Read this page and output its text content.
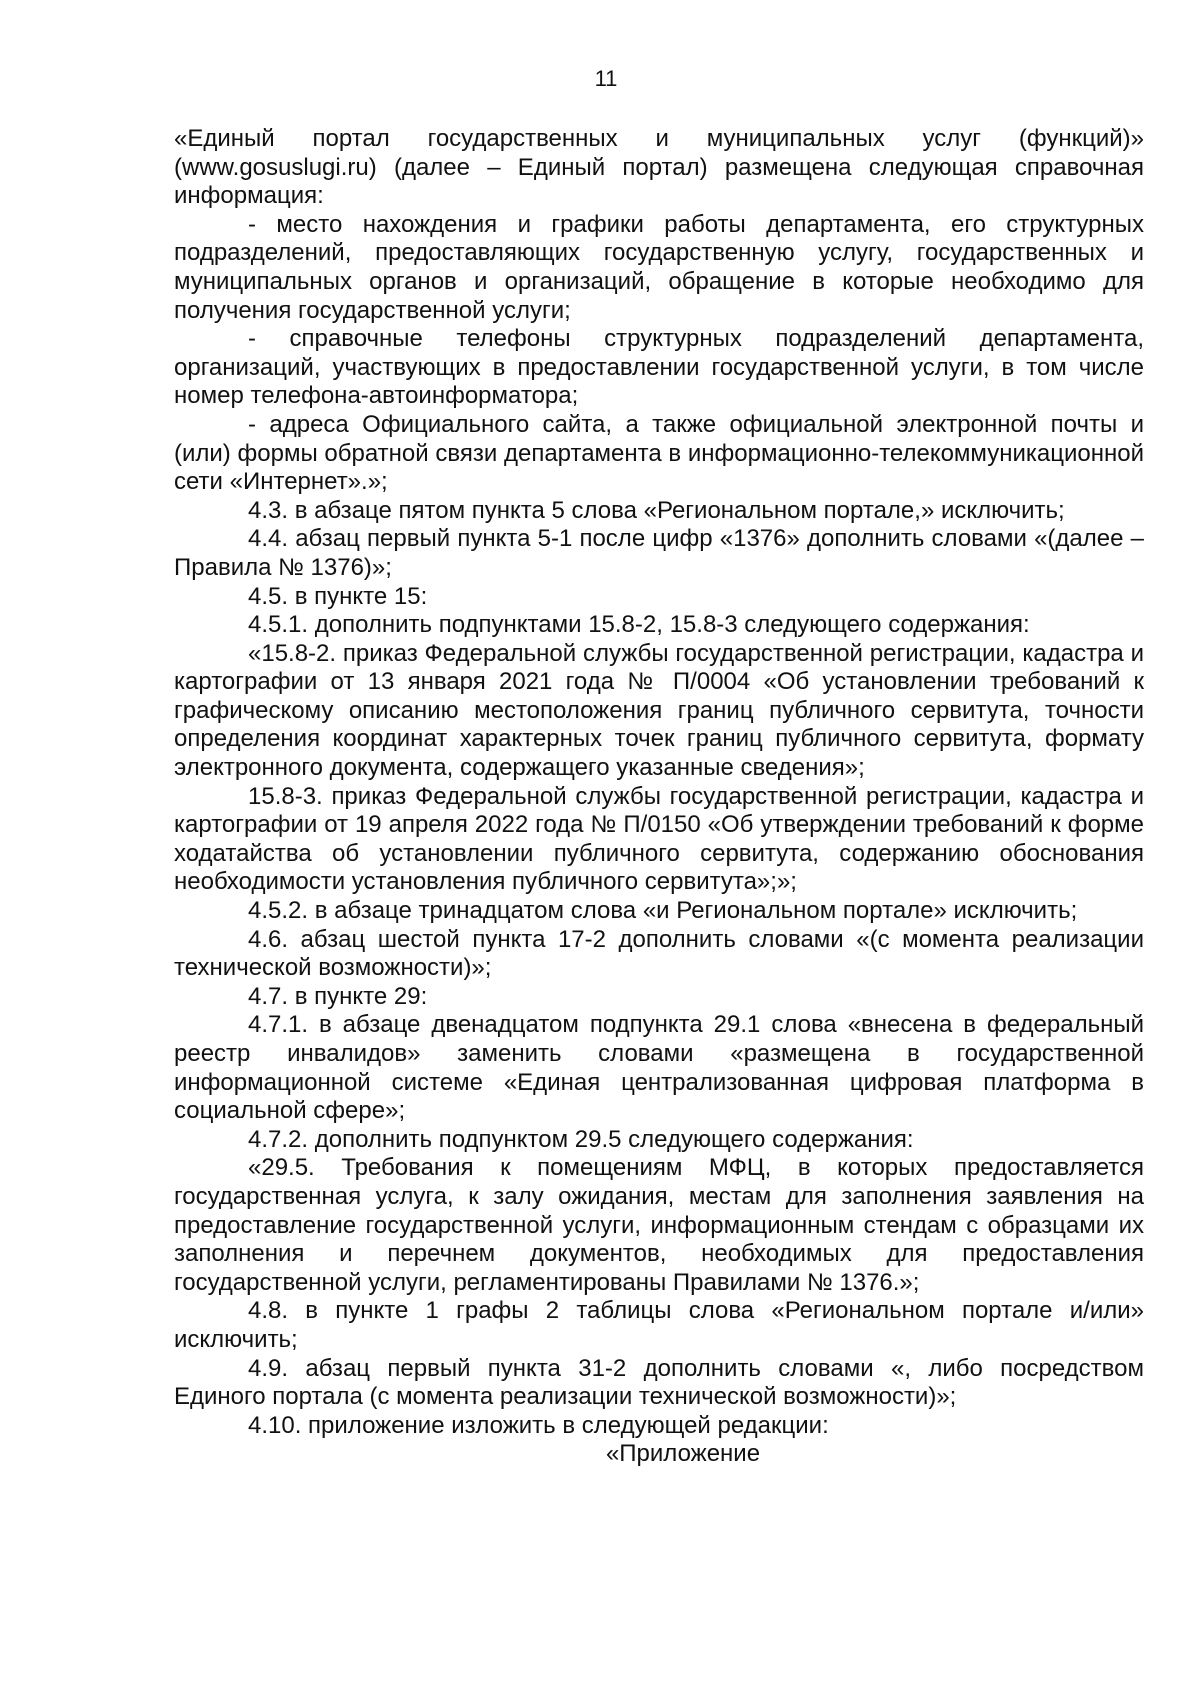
11

«Единый портал государственных и муниципальных услуг (функций)» (www.gosuslugi.ru) (далее – Единый портал) размещена следующая справочная информация:

- место нахождения и графики работы департамента, его структурных подразделений, предоставляющих государственную услугу, государственных и муниципальных органов и организаций, обращение в которые необходимо для получения государственной услуги;

- справочные телефоны структурных подразделений департамента, организаций, участвующих в предоставлении государственной услуги, в том числе номер телефона-автоинформатора;

- адреса Официального сайта, а также официальной электронной почты и (или) формы обратной связи департамента в информационно-телекоммуникационной сети «Интернет».»;

4.3. в абзаце пятом пункта 5 слова «Региональном портале,» исключить;

4.4. абзац первый пункта 5-1 после цифр «1376» дополнить словами «(далее – Правила № 1376)»;

4.5. в пункте 15:

4.5.1. дополнить подпунктами 15.8-2, 15.8-3 следующего содержания:

«15.8-2. приказ Федеральной службы государственной регистрации, кадастра и картографии от 13 января 2021 года № П/0004 «Об установлении требований к графическому описанию местоположения границ публичного сервитута, точности определения координат характерных точек границ публичного сервитута, формату электронного документа, содержащего указанные сведения»;

15.8-3. приказ Федеральной службы государственной регистрации, кадастра и картографии от 19 апреля 2022 года № П/0150 «Об утверждении требований к форме ходатайства об установлении публичного сервитута, содержанию обоснования необходимости установления публичного сервитута»;»;

4.5.2. в абзаце тринадцатом слова «и Региональном портале» исключить;

4.6. абзац шестой пункта 17-2 дополнить словами «(с момента реализации технической возможности)»;

4.7. в пункте 29:

4.7.1. в абзаце двенадцатом подпункта 29.1 слова «внесена в федеральный реестр инвалидов» заменить словами «размещена в государственной информационной системе «Единая централизованная цифровая платформа в социальной сфере»;

4.7.2. дополнить подпунктом 29.5 следующего содержания:

«29.5. Требования к помещениям МФЦ, в которых предоставляется государственная услуга, к залу ожидания, местам для заполнения заявления на предоставление государственной услуги, информационным стендам с образцами их заполнения и перечнем документов, необходимых для предоставления государственной услуги, регламентированы Правилами № 1376.»;

4.8. в пункте 1 графы 2 таблицы слова «Региональном портале и/или» исключить;

4.9. абзац первый пункта 31-2 дополнить словами «, либо посредством Единого портала (с момента реализации технической возможности)»;

4.10. приложение изложить в следующей редакции:

«Приложение
